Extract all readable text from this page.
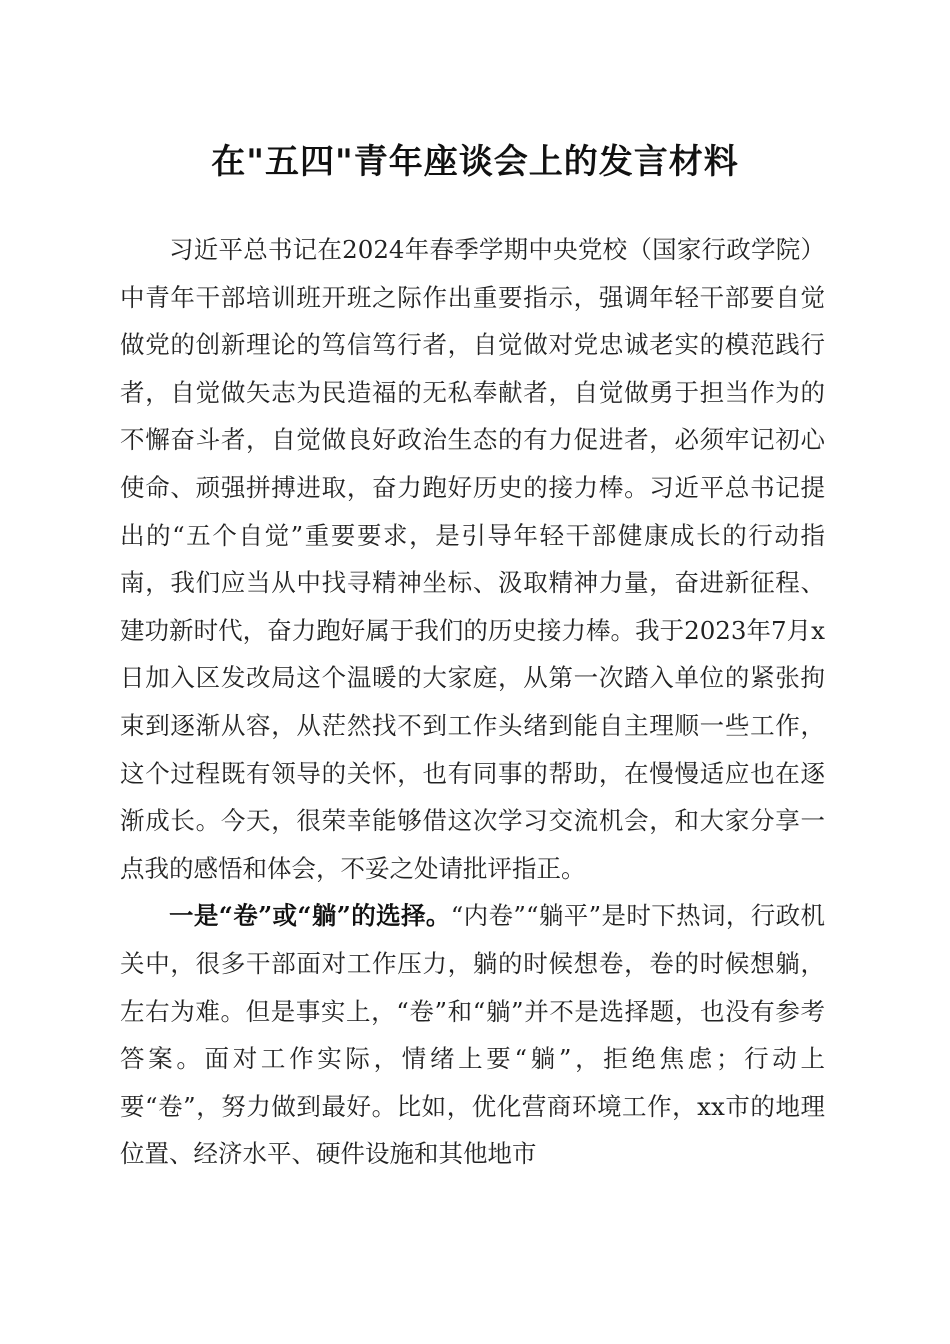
在"五四"青年座谈会上的发言材料

习近平总书记在2024年春季学期中央党校（国家行政学院）中青年干部培训班开班之际作出重要指示，强调年轻干部要自觉做党的创新理论的笃信笃行者，自觉做对党忠诚老实的模范践行者，自觉做矢志为民造福的无私奉献者，自觉做勇于担当作为的不懈奋斗者，自觉做良好政治生态的有力促进者，必须牢记初心使命、顽强拼搏进取，奋力跑好历史的接力棒。习近平总书记提出的“五个自觉”重要要求，是引导年轻干部健康成长的行动指南，我们应当从中找寻精神坐标、汲取精神力量，奋进新征程、建功新时代，奋力跑好属于我们的历史接力棒。我于2023年7月x日加入区发改局这个温暖的大家庭，从第一次踏入单位的紧张拘束到逐渐从容，从茫然找不到工作头绪到能自主理顺一些工作，这个过程既有领导的关怀，也有同事的帮助，在慢慢适应也在逐渐成长。今天，很荣幸能够借这次学习交流机会，和大家分享一点我的感悟和体会，不妥之处请批评指正。

一是“卷”或“躺”的选择。“内卷”“躺平”是时下热词，行政机关中，很多干部面对工作压力，躺的时候想卷，卷的时候想躺，左右为难。但是事实上，“卷”和“躺”并不是选择题，也没有参考答案。面对工作实际，情绪上要“躺”，拒绝焦虑；行动上要“卷”，努力做到最好。比如，优化营商环境工作，xx市的地理位置、经济水平、硬件设施和其他地市
